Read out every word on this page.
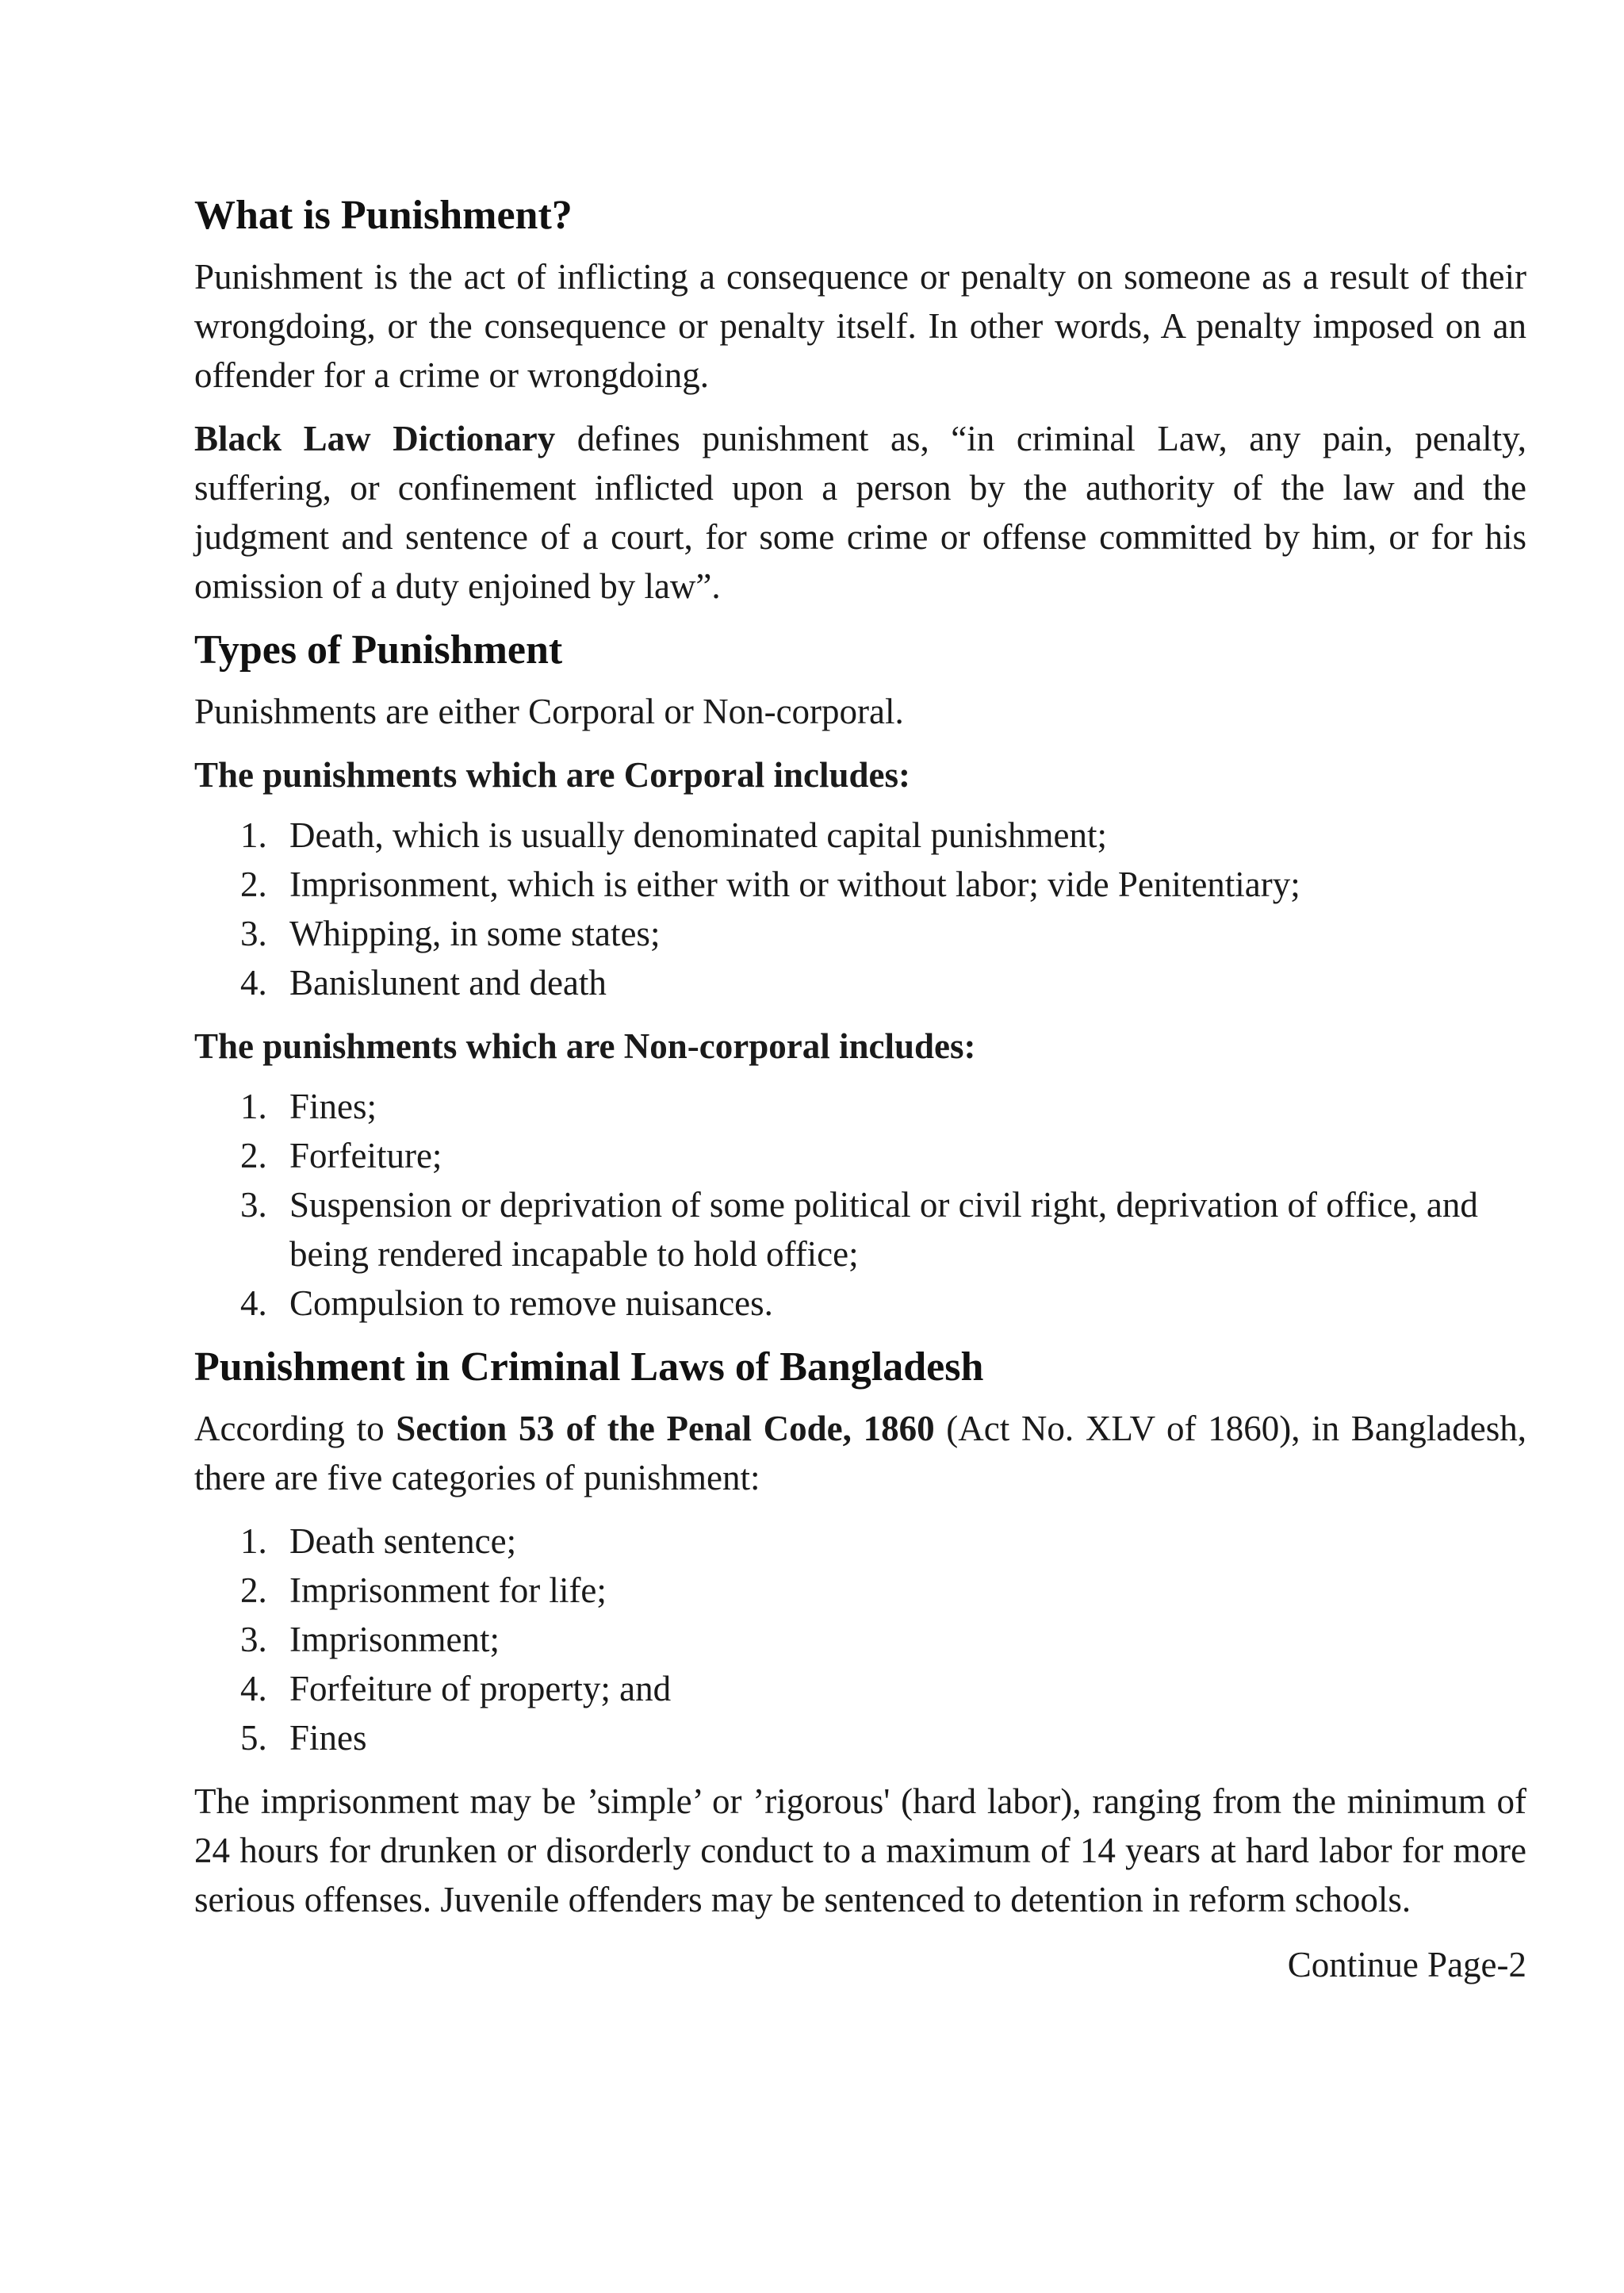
What is Punishment?

Punishment is the act of inflicting a consequence or penalty on someone as a result of their wrongdoing, or the consequence or penalty itself. In other words, A penalty imposed on an offender for a crime or wrongdoing.

Black Law Dictionary defines punishment as, “in criminal Law, any pain, penalty, suffering, or confinement inflicted upon a person by the authority of the law and the judgment and sentence of a court, for some crime or offense committed by him, or for his omission of a duty enjoined by law”.

Types of Punishment

Punishments are either Corporal or Non-corporal.

The punishments which are Corporal includes:
1. Death, which is usually denominated capital punishment;
2. Imprisonment, which is either with or without labor; vide Penitentiary;
3. Whipping, in some states;
4. Banislunent and death
The punishments which are Non-corporal includes:
1. Fines;
2. Forfeiture;
3. Suspension or deprivation of some political or civil right, deprivation of office, and being rendered incapable to hold office;
4. Compulsion to remove nuisances.
Punishment in Criminal Laws of Bangladesh

According to Section 53 of the Penal Code, 1860 (Act No. XLV of 1860), in Bangladesh, there are five categories of punishment:

1. Death sentence;
2. Imprisonment for life;
3. Imprisonment;
4. Forfeiture of property; and
5. Fines

The imprisonment may be ’simple’ or ’rigorous' (hard labor), ranging from the minimum of 24 hours for drunken or disorderly conduct to a maximum of 14 years at hard labor for more serious offenses. Juvenile offenders may be sentenced to detention in reform schools.

Continue Page-2
